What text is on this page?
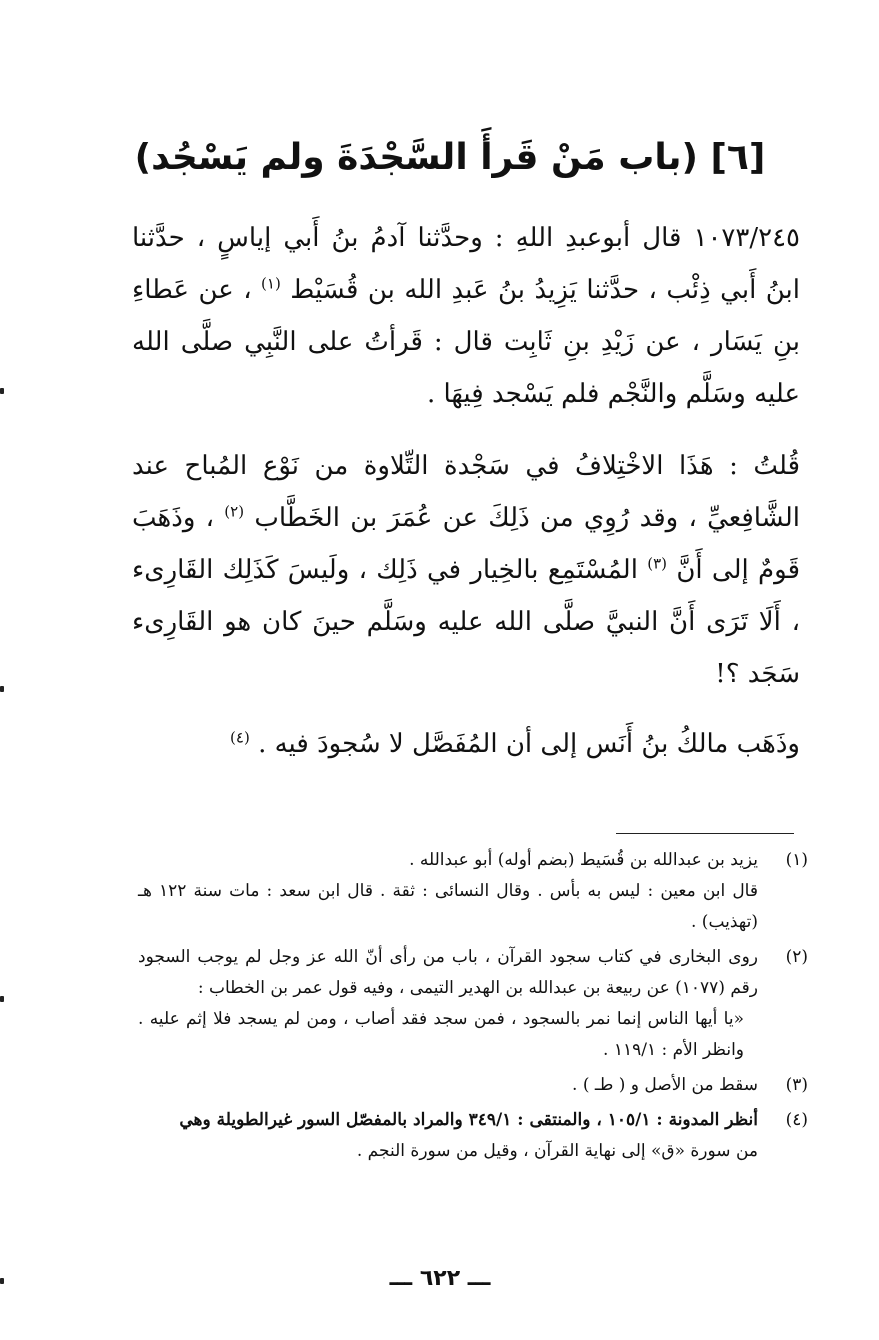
[٦] (باب مَنْ قَرأَ السَّجْدَةَ ولم يَسْجُد)

١٠٧٣/٢٤٥ قال أبوعبدِ اللهِ : وحدَّثنا آدمُ بنُ أَبي إياسٍ ، حدَّثنا ابنُ أَبي ذِئْب ، حدَّثنا يَزِيدُ بنُ عَبدِ الله بن قُسَيْط $^{(١)}$ ، عن عَطاءِ بنِ يَسَار ، عن زَيْدِ بنِ ثَابِت قال : قَرأتُ على النَّبِي صلَّى الله عليه وسَلَّم والنَّجْم فلم يَسْجد فِيهَا .

قُلتُ : هَذَا الاخْتِلافُ في سَجْدة التِّلاوة من نَوْع المُباح عند الشَّافِعيِّ ، وقد رُوِي من ذَلِكَ عن عُمَرَ بن الخَطَّاب $^{(٢)}$ ، وذَهَبَ قَومٌ إلى أَنَّ $^{(٣)}$ المُسْتَمِع بالخِيار في ذَلِك ، ولَيسَ كَذَلِك القَارِىء ، أَلَا تَرَى أَنَّ النبيَّ صلَّى الله عليه وسَلَّم حينَ كان هو القَارِىء سَجَد ؟!

وذَهَب مالكُ بنُ أَنَس إلى أن المُفَصَّل لا سُجودَ فيه . $^{(٤)}$

(١)
يزيد بن عبدالله بن قُسَيط (بضم أوله) أبو عبدالله .
قال ابن معين : ليس به بأس . وقال النسائى : ثقة . قال ابن سعد : مات سنة ١٢٢ هـ (تهذيب) .
(٢)
روى البخارى في كتاب سجود القرآن ، باب من رأى أنّ الله عز وجل لم يوجب السجود رقم (١٠٧٧) عن ربيعة بن عبدالله بن الهدير التيمى ، وفيه قول عمر بن الخطاب :
«يا أيها الناس إنما نمر بالسجود ، فمن سجد فقد أصاب ، ومن لم يسجد فلا إثم عليه . وانظر الأم : ١١٩/١ .
(٣)
سقط من الأصل و ( طـ ) .
(٤)
أنظر المدونة : ١٠٥/١ ، والمنتقى : ٣٤٩/١ والمراد بالمفصّل السور غيرالطويلة وهي
من سورة «ق» إلى نهاية القرآن ، وقيل من سورة النجم .
ـــ ٦٢٢ ـــ
